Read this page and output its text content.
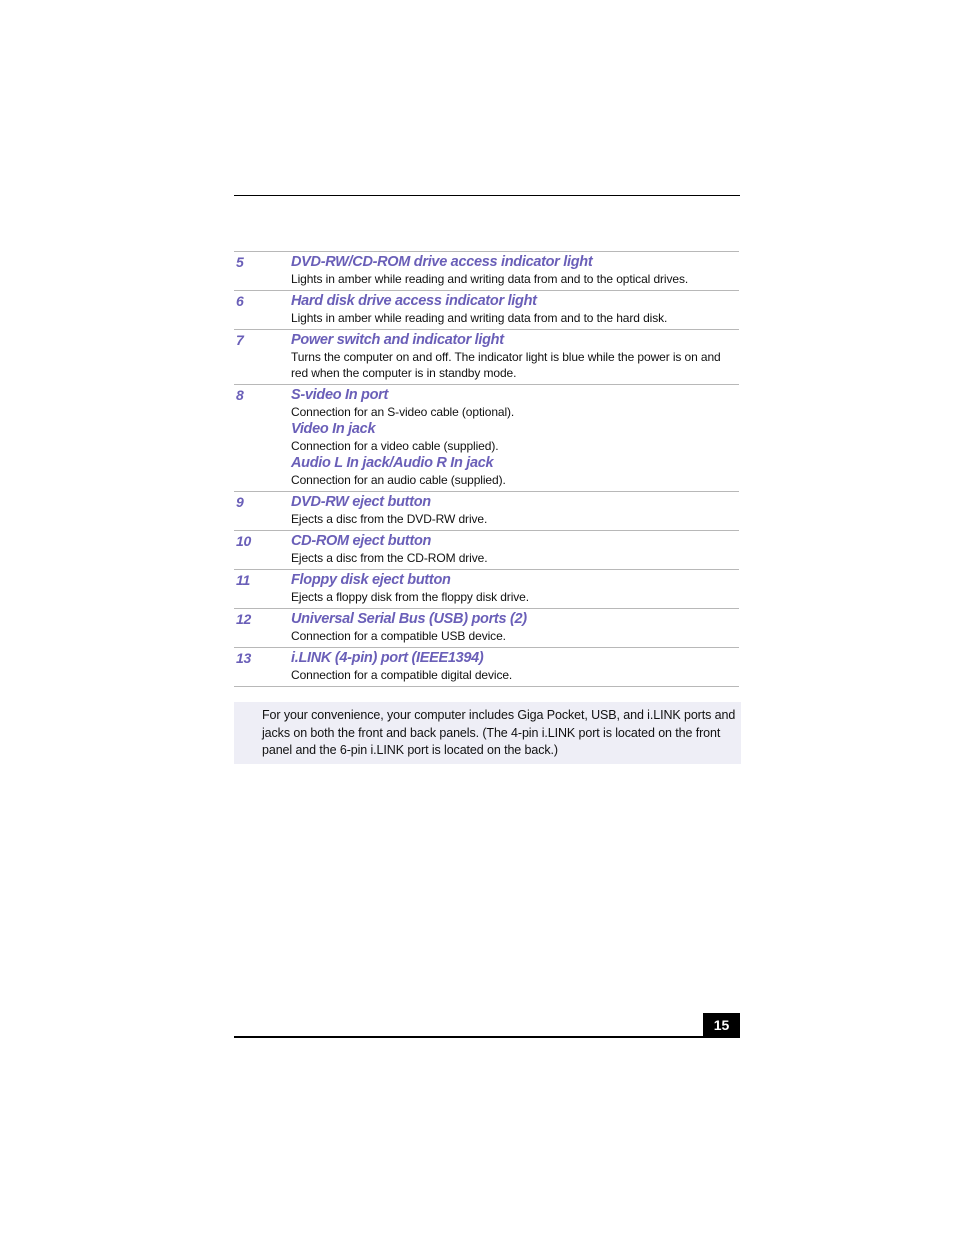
5	DVD-RW/CD-ROM drive access indicator light
Lights in amber while reading and writing data from and to the optical drives.
6	Hard disk drive access indicator light
Lights in amber while reading and writing data from and to the hard disk.
7	Power switch and indicator light
Turns the computer on and off. The indicator light is blue while the power is on and red when the computer is in standby mode.
8	S-video In port
Connection for an S-video cable (optional).
Video In jack
Connection for a video cable (supplied).
Audio L In jack/Audio R In jack
Connection for an audio cable (supplied).
9	DVD-RW eject button
Ejects a disc from the DVD-RW drive.
10	CD-ROM eject button
Ejects a disc from the CD-ROM drive.
11	Floppy disk eject button
Ejects a floppy disk from the floppy disk drive.
12	Universal Serial Bus (USB) ports (2)
Connection for a compatible USB device.
13	i.LINK (4-pin) port (IEEE1394)
Connection for a compatible digital device.
For your convenience, your computer includes Giga Pocket, USB, and i.LINK ports and jacks on both the front and back panels. (The 4-pin i.LINK port is located on the front panel and the 6-pin i.LINK port is located on the back.)
15
